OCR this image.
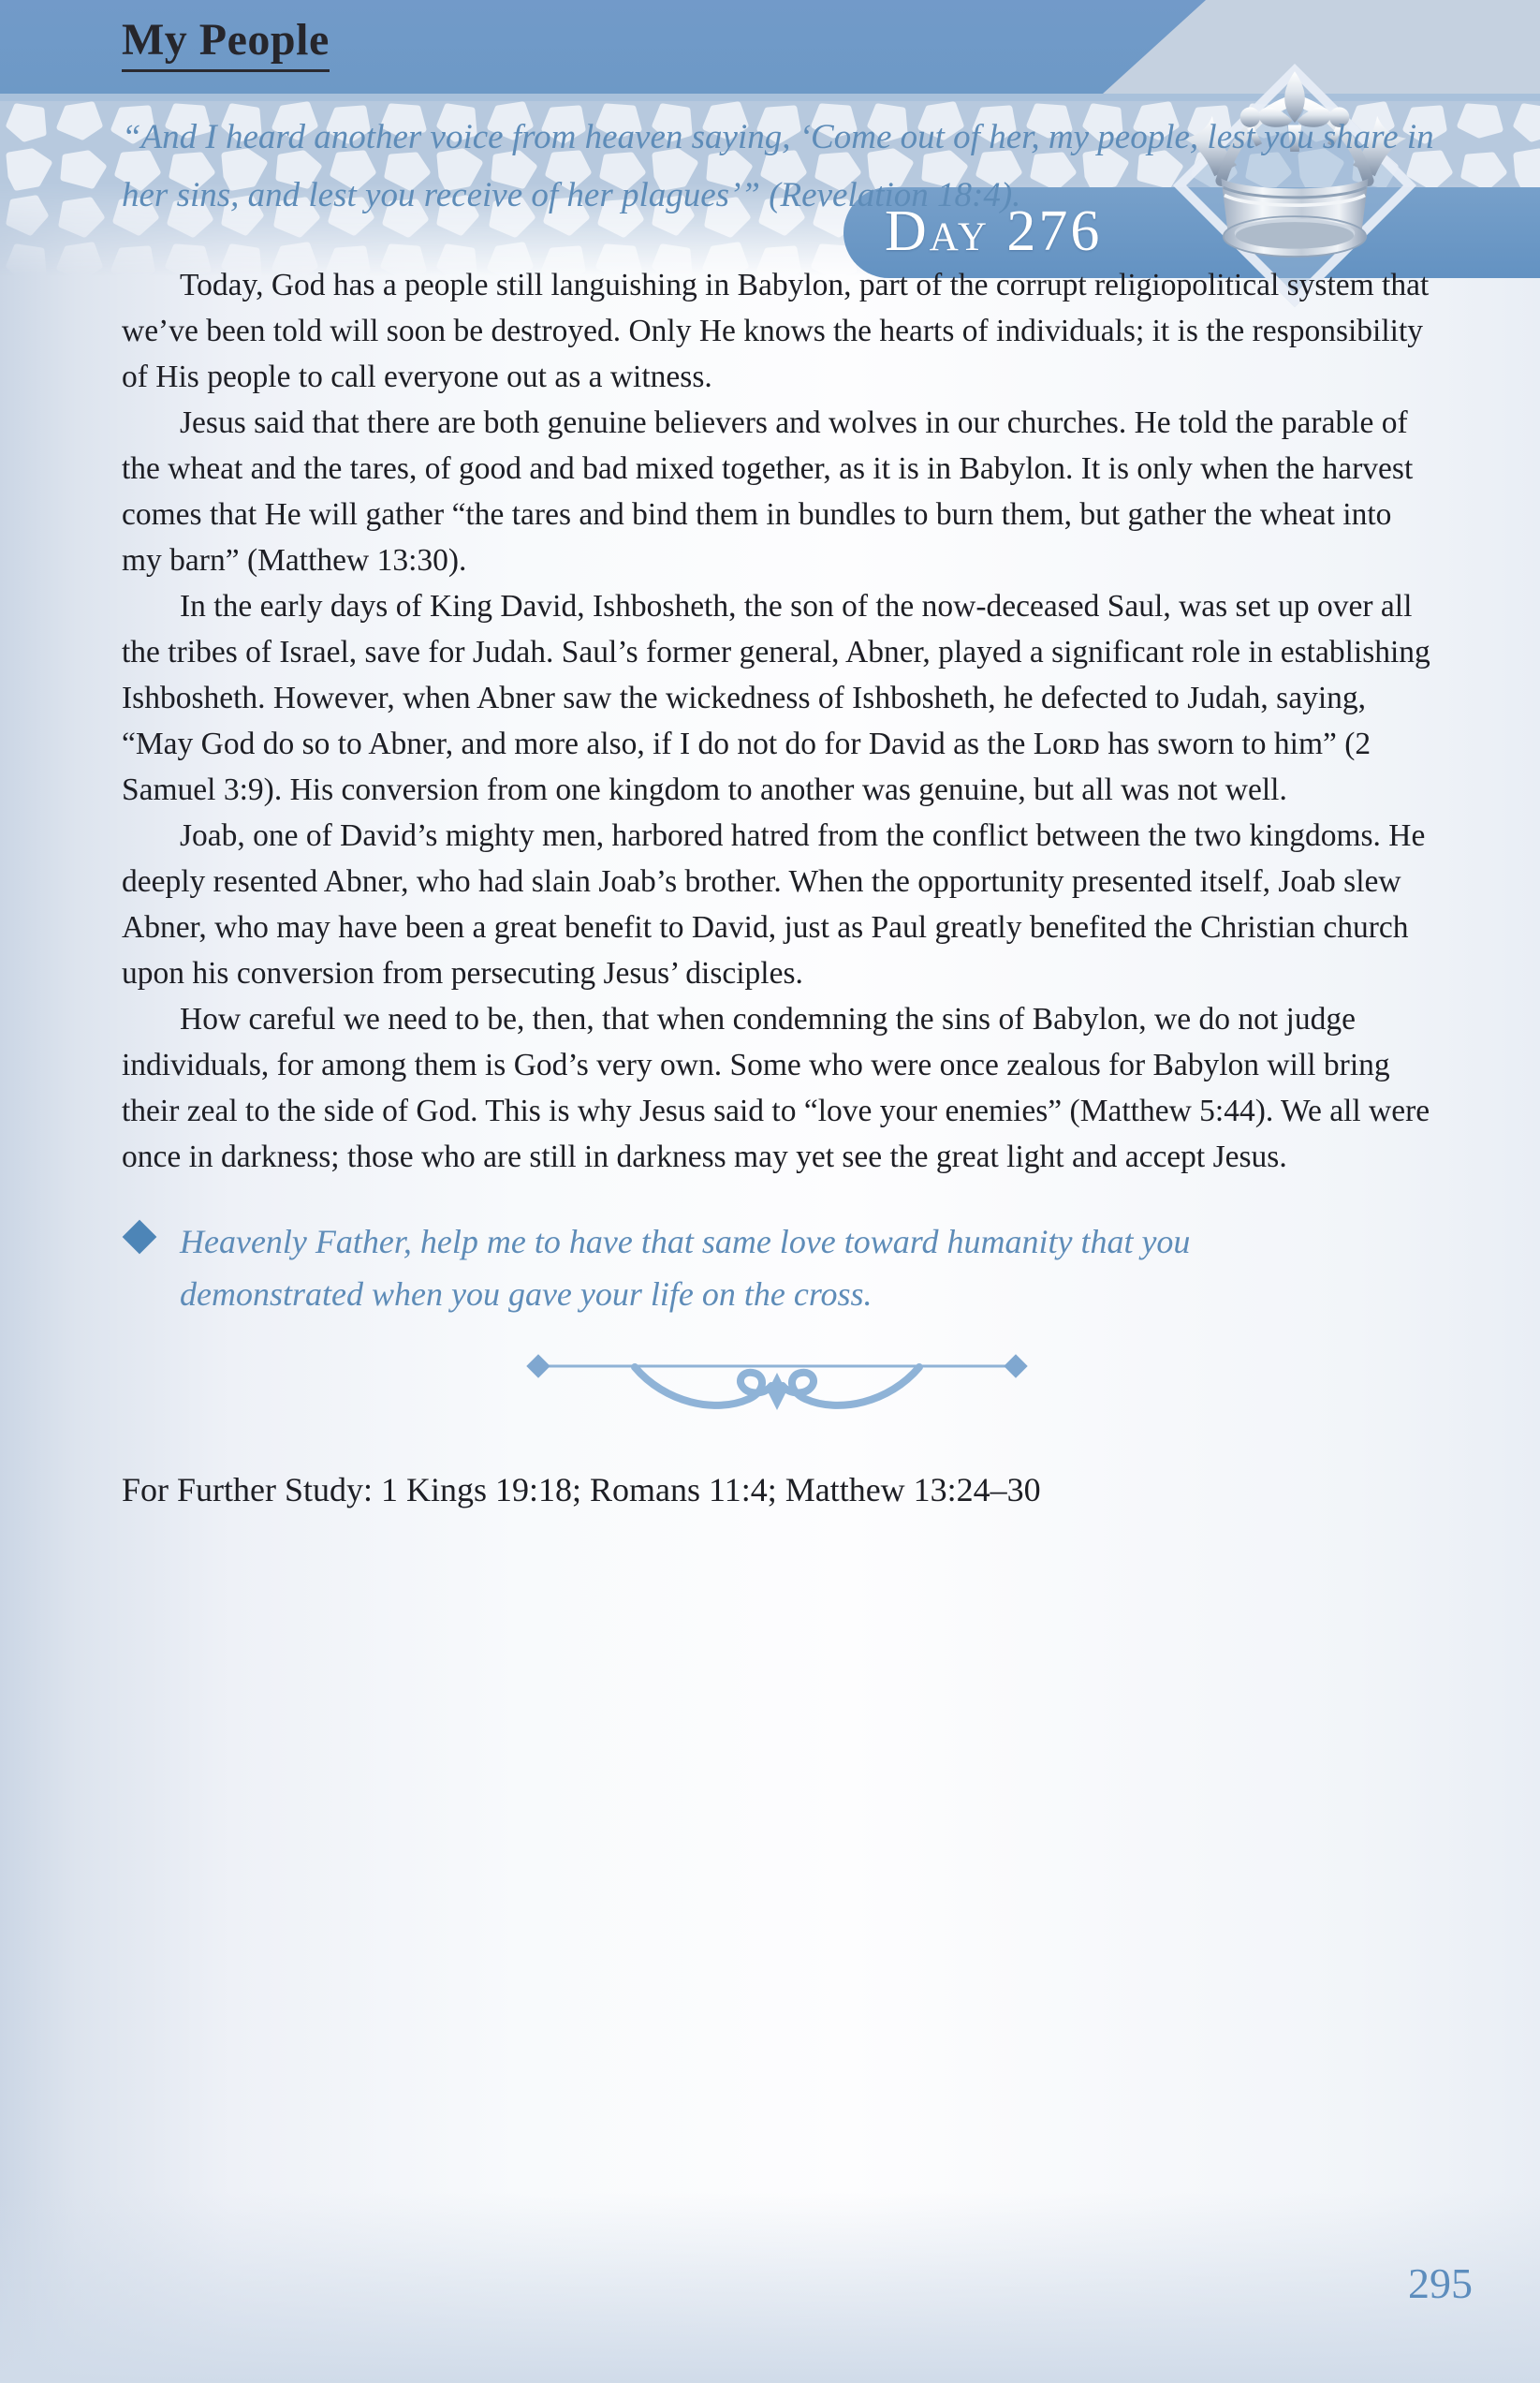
Day 276
My People

“And I heard another voice from heaven saying, ‘Come out of her, my people, lest you share in her sins, and lest you receive of her plagues’” (Revelation 18:4).

Today, God has a people still languishing in Babylon, part of the corrupt religiopolitical system that we’ve been told will soon be destroyed. Only He knows the hearts of individuals; it is the responsibility of His people to call everyone out as a witness.

Jesus said that there are both genuine believers and wolves in our churches. He told the parable of the wheat and the tares, of good and bad mixed together, as it is in Babylon. It is only when the harvest comes that He will gather “the tares and bind them in bundles to burn them, but gather the wheat into my barn” (Matthew 13:30).

In the early days of King David, Ishbosheth, the son of the now-deceased Saul, was set up over all the tribes of Israel, save for Judah. Saul’s former general, Abner, played a significant role in establishing Ishbosheth. However, when Abner saw the wickedness of Ishbosheth, he defected to Judah, saying, “May God do so to Abner, and more also, if I do not do for David as the Lᴏʀᴅ has sworn to him” (2 Samuel 3:9). His conversion from one kingdom to another was genuine, but all was not well.

Joab, one of David’s mighty men, harbored hatred from the conflict between the two kingdoms. He deeply resented Abner, who had slain Joab’s brother. When the opportunity presented itself, Joab slew Abner, who may have been a great benefit to David, just as Paul greatly benefited the Christian church upon his conversion from persecuting Jesus’ disciples.

How careful we need to be, then, that when condemning the sins of Babylon, we do not judge individuals, for among them is God’s very own. Some who were once zealous for Babylon will bring their zeal to the side of God. This is why Jesus said to “love your enemies” (Matthew 5:44). We all were once in darkness; those who are still in darkness may yet see the great light and accept Jesus.

Heavenly Father, help me to have that same love toward humanity that you demonstrated when you gave your life on the cross.

For Further Study: 1 Kings 19:18; Romans 11:4; Matthew 13:24–30

295
